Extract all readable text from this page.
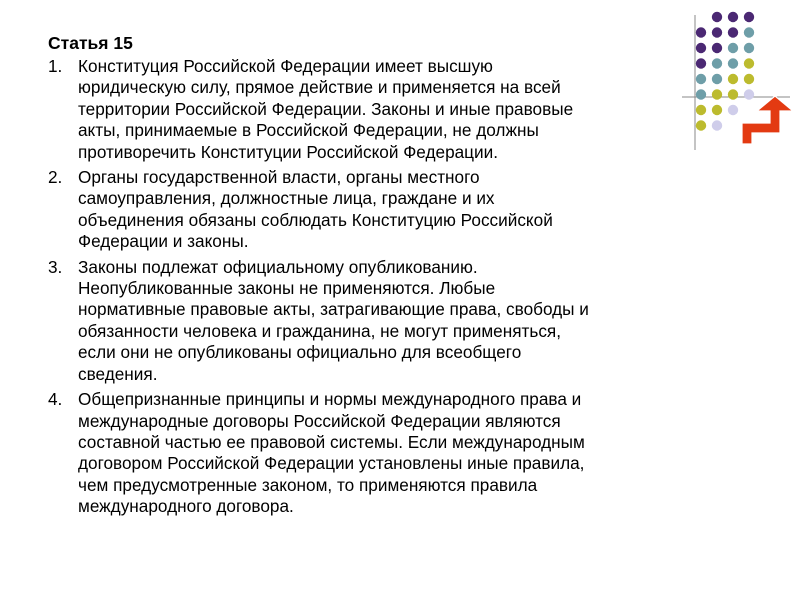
Статья 15
1. Конституция Российской Федерации имеет высшую
юридическую силу, прямое действие и применяется на всей
территории Российской Федерации. Законы и иные правовые
акты, принимаемые в Российской Федерации, не должны
противоречить Конституции Российской Федерации.
2. Органы государственной власти, органы местного
самоуправления, должностные лица, граждане и их
объединения обязаны соблюдать Конституцию Российской
Федерации и законы.
3. Законы подлежат официальному опубликованию.
Неопубликованные законы не применяются. Любые
нормативные правовые акты, затрагивающие права, свободы и
обязанности человека и гражданина, не могут применяться,
если они не опубликованы официально для всеобщего
сведения.
4. Общепризнанные принципы и нормы международного права и
международные договоры Российской Федерации являются
составной частью ее правовой системы. Если международным
договором Российской Федерации установлены иные правила,
чем предусмотренные законом, то применяются правила
международного договора.
